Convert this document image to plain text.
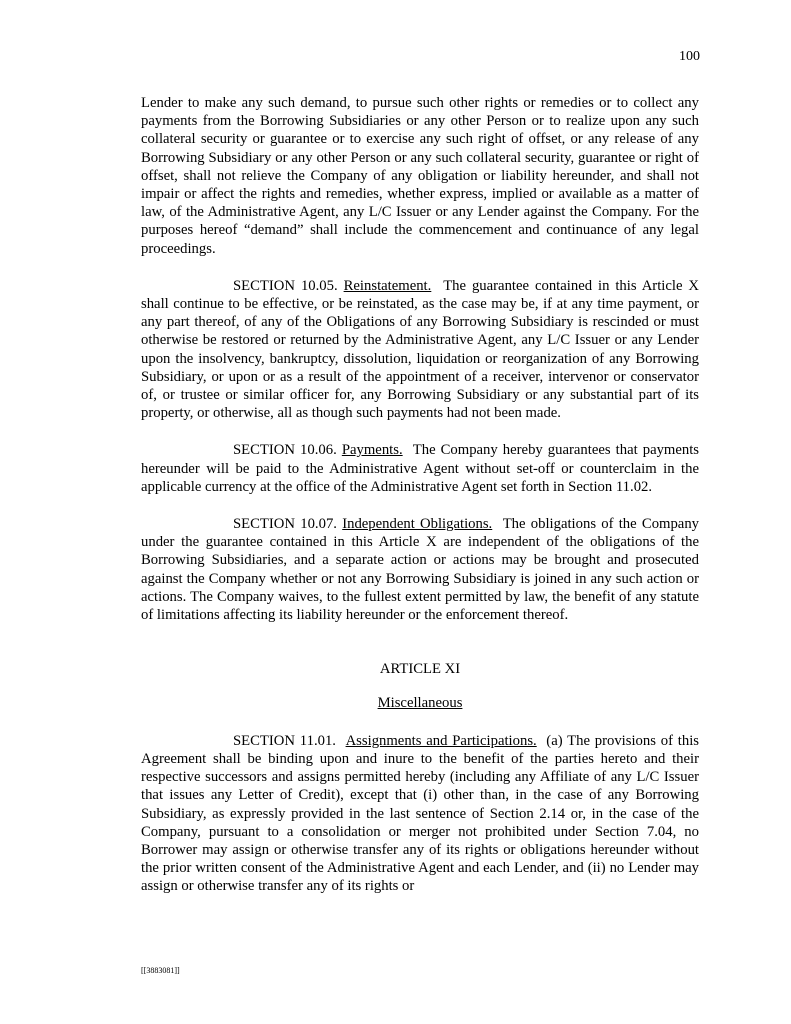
100

Lender to make any such demand, to pursue such other rights or remedies or to collect any payments from the Borrowing Subsidiaries or any other Person or to realize upon any such collateral security or guarantee or to exercise any such right of offset, or any release of any Borrowing Subsidiary or any other Person or any such collateral security, guarantee or right of offset, shall not relieve the Company of any obligation or liability hereunder, and shall not impair or affect the rights and remedies, whether express, implied or available as a matter of law, of the Administrative Agent, any L/C Issuer or any Lender against the Company. For the purposes hereof “demand” shall include the commencement and continuance of any legal proceedings.

SECTION 10.05. Reinstatement. The guarantee contained in this Article X shall continue to be effective, or be reinstated, as the case may be, if at any time payment, or any part thereof, of any of the Obligations of any Borrowing Subsidiary is rescinded or must otherwise be restored or returned by the Administrative Agent, any L/C Issuer or any Lender upon the insolvency, bankruptcy, dissolution, liquidation or reorganization of any Borrowing Subsidiary, or upon or as a result of the appointment of a receiver, intervenor or conservator of, or trustee or similar officer for, any Borrowing Subsidiary or any substantial part of its property, or otherwise, all as though such payments had not been made.

SECTION 10.06. Payments. The Company hereby guarantees that payments hereunder will be paid to the Administrative Agent without set-off or counterclaim in the applicable currency at the office of the Administrative Agent set forth in Section 11.02.

SECTION 10.07. Independent Obligations. The obligations of the Company under the guarantee contained in this Article X are independent of the obligations of the Borrowing Subsidiaries, and a separate action or actions may be brought and prosecuted against the Company whether or not any Borrowing Subsidiary is joined in any such action or actions. The Company waives, to the fullest extent permitted by law, the benefit of any statute of limitations affecting its liability hereunder or the enforcement thereof.

ARTICLE XI

Miscellaneous

SECTION 11.01. Assignments and Participations. (a) The provisions of this Agreement shall be binding upon and inure to the benefit of the parties hereto and their respective successors and assigns permitted hereby (including any Affiliate of any L/C Issuer that issues any Letter of Credit), except that (i) other than, in the case of any Borrowing Subsidiary, as expressly provided in the last sentence of Section 2.14 or, in the case of the Company, pursuant to a consolidation or merger not prohibited under Section 7.04, no Borrower may assign or otherwise transfer any of its rights or obligations hereunder without the prior written consent of the Administrative Agent and each Lender, and (ii) no Lender may assign or otherwise transfer any of its rights or

[[3883081]]
